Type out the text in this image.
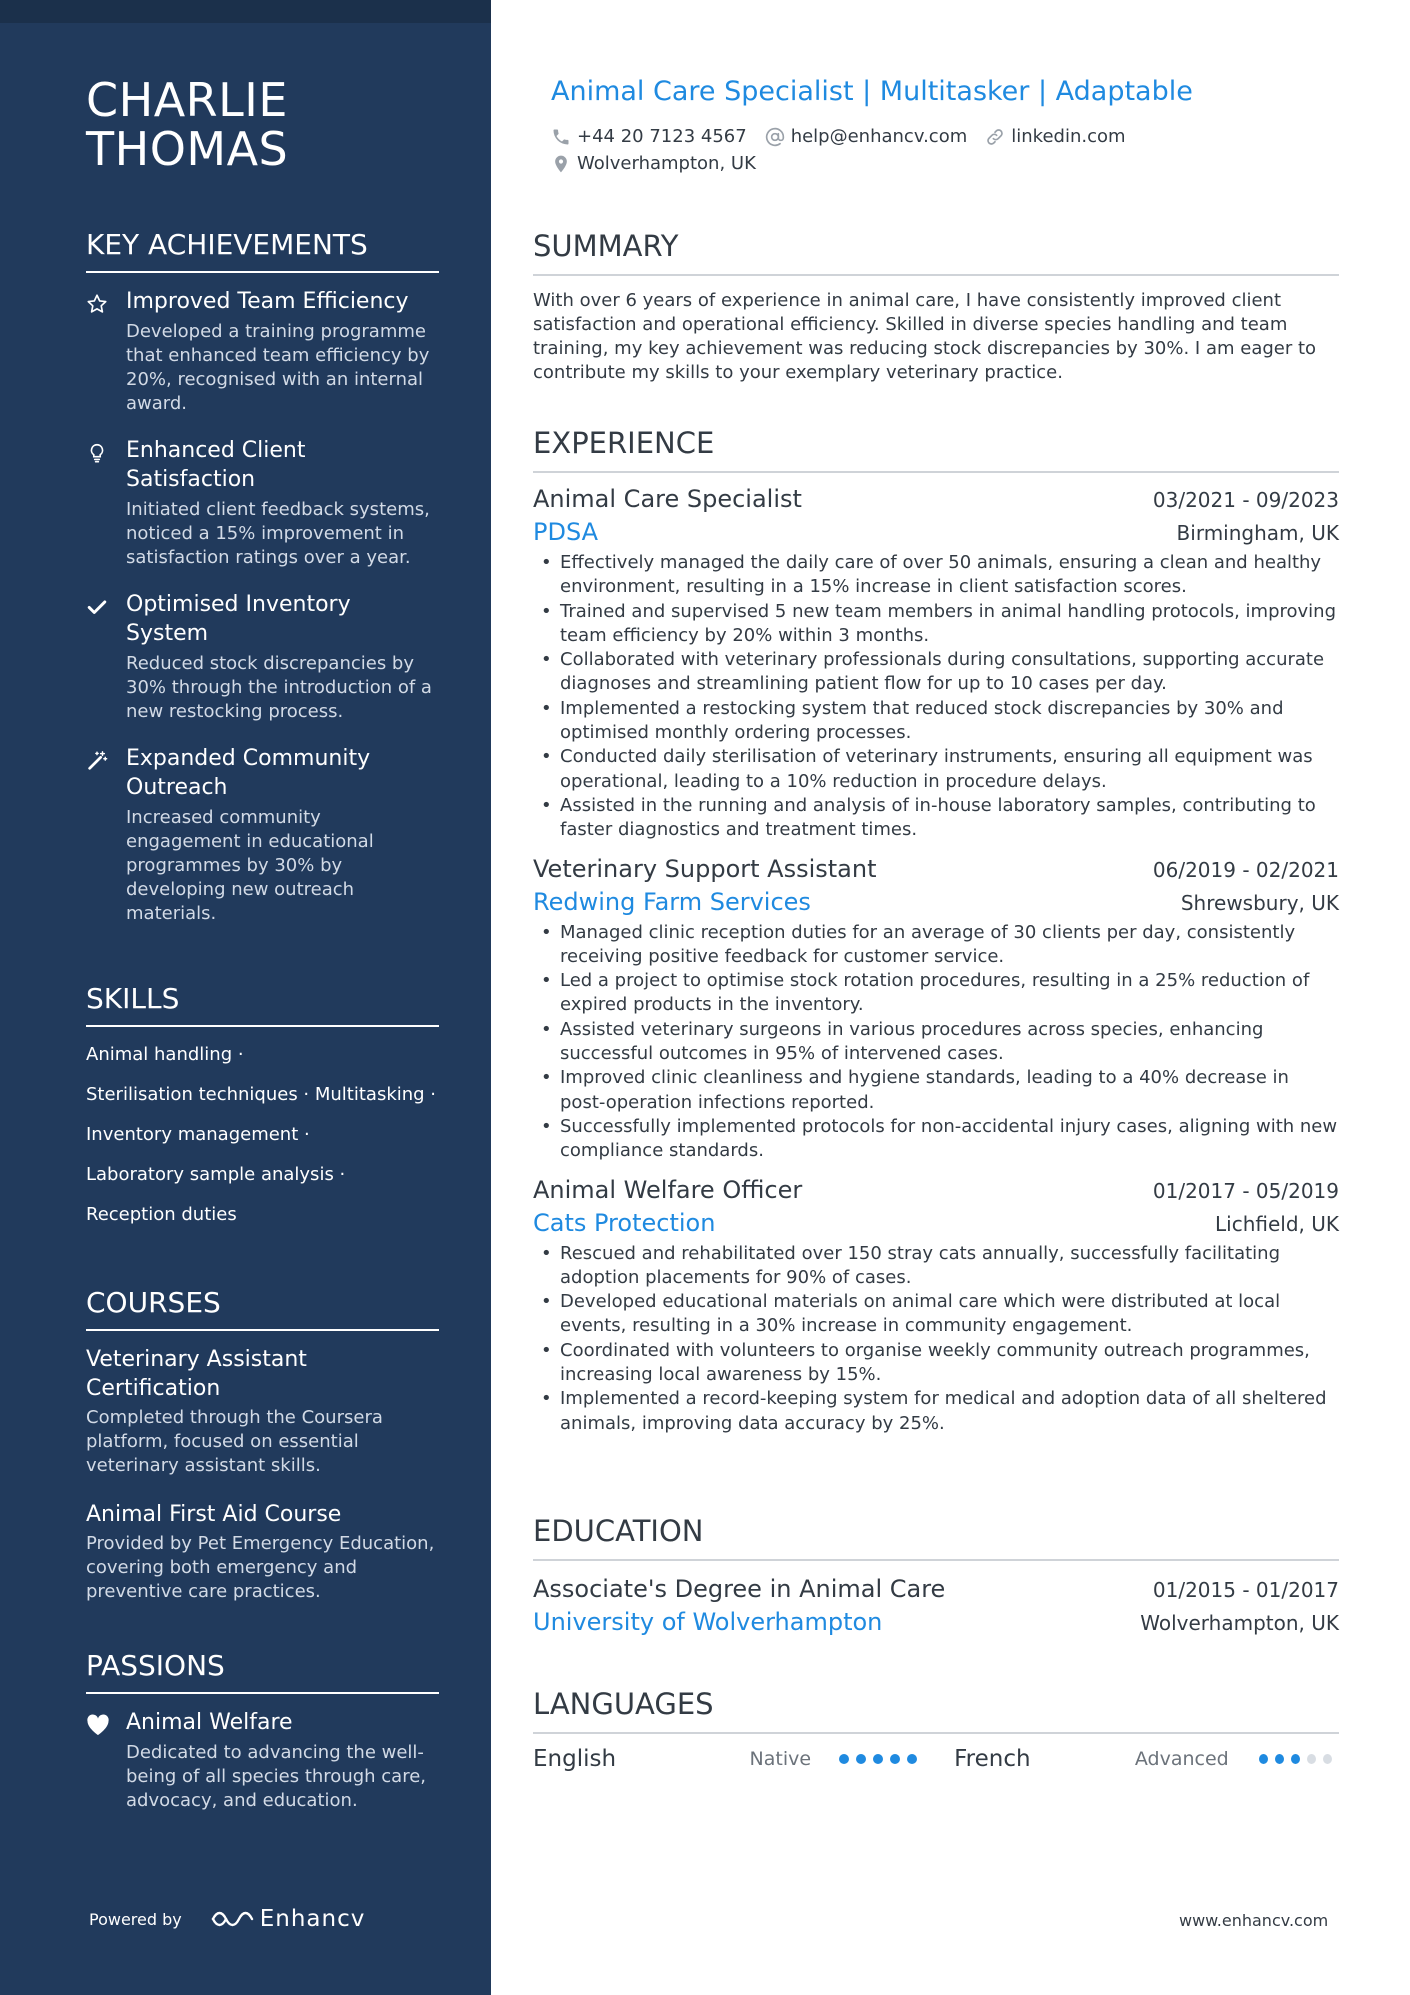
CHARLIE
THOMAS
KEY ACHIEVEMENTS
Improved Team Efficiency
Developed a training programme that enhanced team efficiency by 20%, recognised with an internal award.
Enhanced Client Satisfaction
Initiated client feedback systems, noticed a 15% improvement in satisfaction ratings over a year.
Optimised Inventory System
Reduced stock discrepancies by 30% through the introduction of a new restocking process.
Expanded Community Outreach
Increased community engagement in educational programmes by 30% by developing new outreach materials.
SKILLS
Animal handling ·
Sterilisation techniques · Multitasking ·
Inventory management ·
Laboratory sample analysis ·
Reception duties
COURSES
Veterinary Assistant Certification
Completed through the Coursera platform, focused on essential veterinary assistant skills.
Animal First Aid Course
Provided by Pet Emergency Education, covering both emergency and preventive care practices.
PASSIONS
Animal Welfare
Dedicated to advancing the well-being of all species through care, advocacy, and education.
Powered by	Enhancv
Animal Care Specialist | Multitasker | Adaptable
+44 20 7123 4567 help@enhancv.com linkedin.com
Wolverhampton, UK
SUMMARY
With over 6 years of experience in animal care, I have consistently improved client satisfaction and operational efficiency. Skilled in diverse species handling and team training, my key achievement was reducing stock discrepancies by 30%. I am eager to contribute my skills to your exemplary veterinary practice.
EXPERIENCE
Animal Care Specialist	03/2021 - 09/2023
PDSA	Birmingham, UK
• Effectively managed the daily care of over 50 animals, ensuring a clean and healthy environment, resulting in a 15% increase in client satisfaction scores.
• Trained and supervised 5 new team members in animal handling protocols, improving team efficiency by 20% within 3 months.
• Collaborated with veterinary professionals during consultations, supporting accurate diagnoses and streamlining patient flow for up to 10 cases per day.
• Implemented a restocking system that reduced stock discrepancies by 30% and optimised monthly ordering processes.
• Conducted daily sterilisation of veterinary instruments, ensuring all equipment was operational, leading to a 10% reduction in procedure delays.
• Assisted in the running and analysis of in-house laboratory samples, contributing to faster diagnostics and treatment times.
Veterinary Support Assistant	06/2019 - 02/2021
Redwing Farm Services	Shrewsbury, UK
• Managed clinic reception duties for an average of 30 clients per day, consistently receiving positive feedback for customer service.
• Led a project to optimise stock rotation procedures, resulting in a 25% reduction of expired products in the inventory.
• Assisted veterinary surgeons in various procedures across species, enhancing successful outcomes in 95% of intervened cases.
• Improved clinic cleanliness and hygiene standards, leading to a 40% decrease in post-operation infections reported.
• Successfully implemented protocols for non-accidental injury cases, aligning with new compliance standards.
Animal Welfare Officer	01/2017 - 05/2019
Cats Protection	Lichfield, UK
• Rescued and rehabilitated over 150 stray cats annually, successfully facilitating adoption placements for 90% of cases.
• Developed educational materials on animal care which were distributed at local events, resulting in a 30% increase in community engagement.
• Coordinated with volunteers to organise weekly community outreach programmes, increasing local awareness by 15%.
• Implemented a record-keeping system for medical and adoption data of all sheltered animals, improving data accuracy by 25%.
EDUCATION
Associate's Degree in Animal Care	01/2015 - 01/2017
University of Wolverhampton	Wolverhampton, UK
LANGUAGES
English	Native	French	Advanced
www.enhancv.com
